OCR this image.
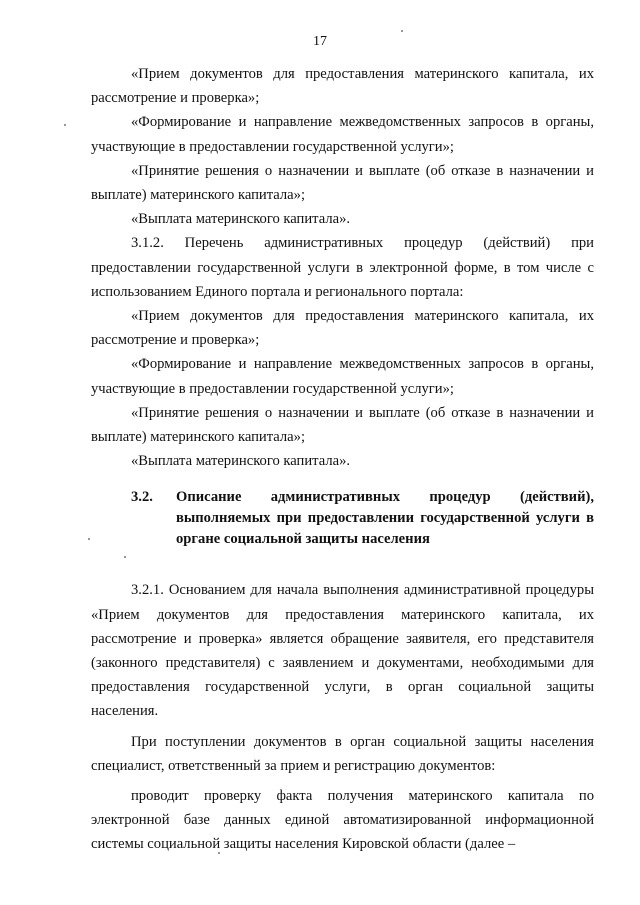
17

«Прием документов для предоставления материнского капитала, их рассмотрение и проверка»;

«Формирование и направление межведомственных запросов в органы, участвующие в предоставлении государственной услуги»;

«Принятие решения о назначении и выплате (об отказе в назначении и выплате) материнского капитала»;

«Выплата материнского капитала».

3.1.2. Перечень административных процедур (действий) при предоставлении государственной услуги в электронной форме, в том числе с использованием Единого портала и регионального портала:

«Прием документов для предоставления материнского капитала, их рассмотрение и проверка»;

«Формирование и направление межведомственных запросов в органы, участвующие в предоставлении государственной услуги»;

«Принятие решения о назначении и выплате (об отказе в назначении и выплате) материнского капитала»;

«Выплата материнского капитала».

3.2.	Описание административных процедур (действий), выполняемых при предоставлении государственной услуги в органе социальной защиты населения

3.2.1. Основанием для начала выполнения административной процедуры «Прием документов для предоставления материнского капитала, их рассмотрение и проверка» является обращение заявителя, его представителя (законного представителя) с заявлением и документами, необходимыми для предоставления государственной услуги, в орган социальной защиты населения.

При поступлении документов в орган социальной защиты населения специалист, ответственный за прием и регистрацию документов:

проводит проверку факта получения материнского капитала по электронной базе данных единой автоматизированной информационной системы социальной защиты населения Кировской области (далее –
